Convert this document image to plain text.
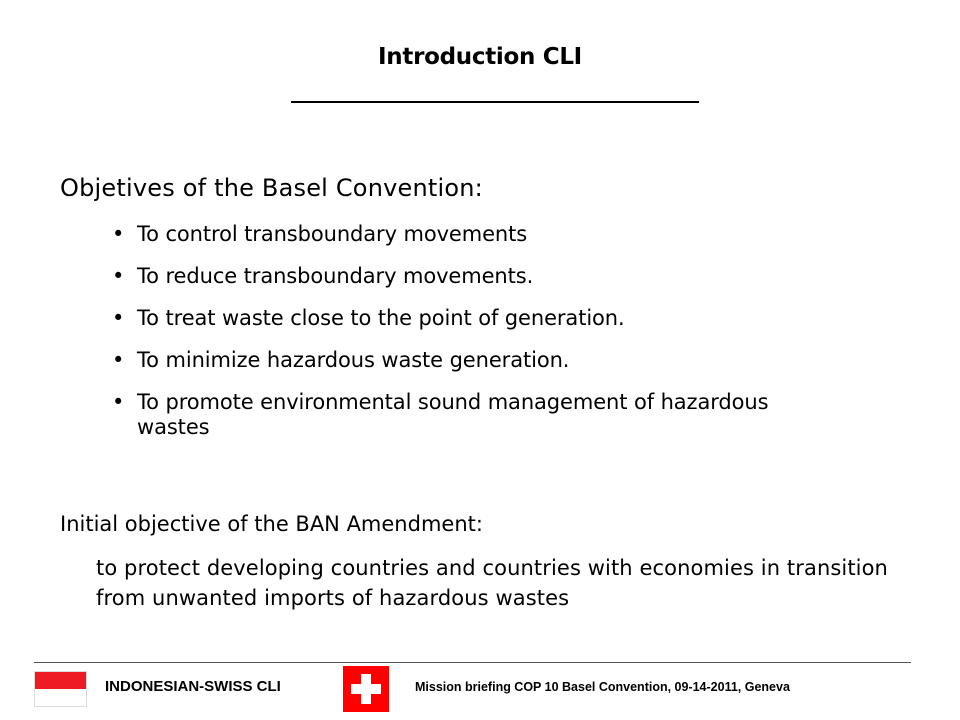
Introduction CLI
Objetives of the Basel Convention:
• To control transboundary movements
• To reduce transboundary movements.
• To treat waste close to the point of generation.
• To minimize hazardous waste generation.
• To promote environmental sound management of hazardous wastes
Initial objective of the BAN Amendment:
to protect developing countries and countries with economies in transition from unwanted imports of hazardous wastes
INDONESIAN-SWISS CLI	Mission briefing COP 10 Basel Convention, 09-14-2011, Geneva
